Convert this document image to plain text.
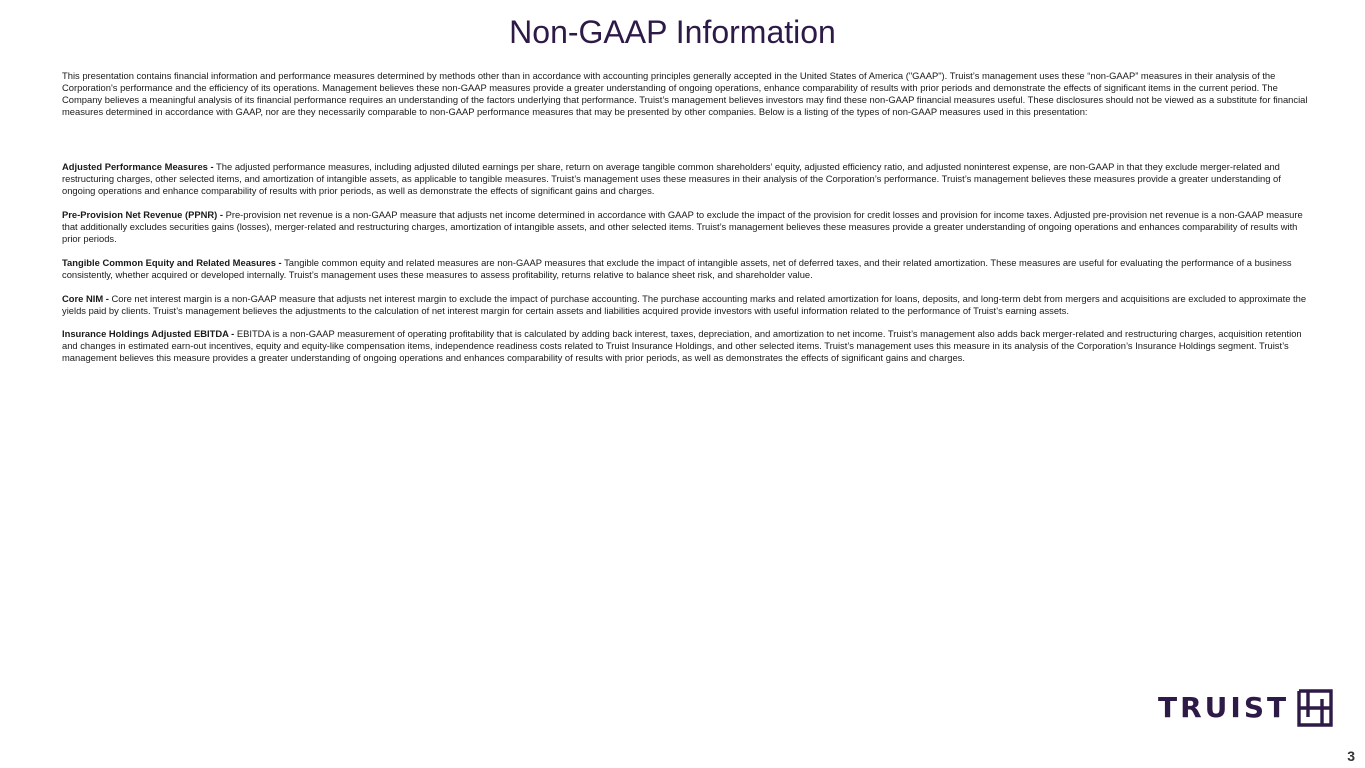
Non-GAAP Information

This presentation contains financial information and performance measures determined by methods other than in accordance with accounting principles generally accepted in the United States of America ("GAAP"). Truist’s management uses these “non-GAAP” measures in their analysis of the Corporation's performance and the efficiency of its operations. Management believes these non-GAAP measures provide a greater understanding of ongoing operations, enhance comparability of results with prior periods and demonstrate the effects of significant items in the current period. The Company believes a meaningful analysis of its financial performance requires an understanding of the factors underlying that performance. Truist’s management believes investors may find these non-GAAP financial measures useful. These disclosures should not be viewed as a substitute for financial measures determined in accordance with GAAP, nor are they necessarily comparable to non-GAAP performance measures that may be presented by other companies. Below is a listing of the types of non-GAAP measures used in this presentation:

Adjusted Performance Measures - The adjusted performance measures, including adjusted diluted earnings per share, return on average tangible common shareholders’ equity, adjusted efficiency ratio, and adjusted noninterest expense, are non-GAAP in that they exclude merger-related and restructuring charges, other selected items, and amortization of intangible assets, as applicable to tangible measures. Truist’s management uses these measures in their analysis of the Corporation’s performance. Truist’s management believes these measures provide a greater understanding of ongoing operations and enhance comparability of results with prior periods, as well as demonstrate the effects of significant gains and charges.

Pre-Provision Net Revenue (PPNR) - Pre-provision net revenue is a non-GAAP measure that adjusts net income determined in accordance with GAAP to exclude the impact of the provision for credit losses and provision for income taxes. Adjusted pre-provision net revenue is a non-GAAP measure that additionally excludes securities gains (losses), merger-related and restructuring charges, amortization of intangible assets, and other selected items. Truist’s management believes these measures provide a greater understanding of ongoing operations and enhances comparability of results with prior periods.

Tangible Common Equity and Related Measures - Tangible common equity and related measures are non-GAAP measures that exclude the impact of intangible assets, net of deferred taxes, and their related amortization. These measures are useful for evaluating the performance of a business consistently, whether acquired or developed internally. Truist’s management uses these measures to assess profitability, returns relative to balance sheet risk, and shareholder value.

Core NIM - Core net interest margin is a non-GAAP measure that adjusts net interest margin to exclude the impact of purchase accounting. The purchase accounting marks and related amortization for loans, deposits, and long-term debt from mergers and acquisitions are excluded to approximate the yields paid by clients. Truist’s management believes the adjustments to the calculation of net interest margin for certain assets and liabilities acquired provide investors with useful information related to the performance of Truist’s earning assets.

Insurance Holdings Adjusted EBITDA - EBITDA is a non-GAAP measurement of operating profitability that is calculated by adding back interest, taxes, depreciation, and amortization to net income. Truist’s management also adds back merger-related and restructuring charges, acquisition retention and changes in estimated earn-out incentives, equity and equity-like compensation items, independence readiness costs related to Truist Insurance Holdings, and other selected items. Truist’s management uses this measure in its analysis of the Corporation’s Insurance Holdings segment. Truist’s management believes this measure provides a greater understanding of ongoing operations and enhances comparability of results with prior periods, as well as demonstrates the effects of significant gains and charges.

TRUIST
3
